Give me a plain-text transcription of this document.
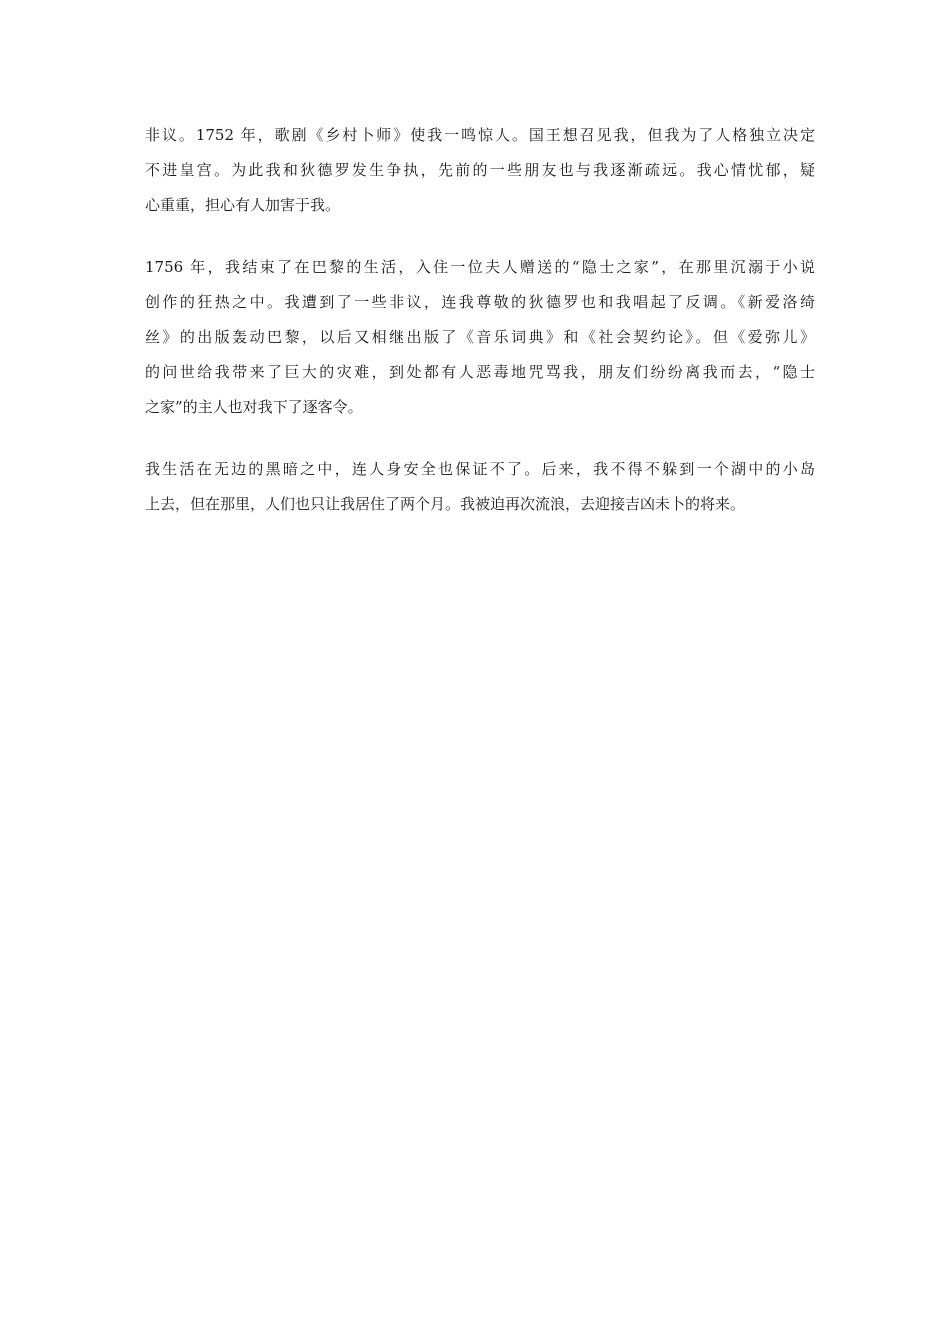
非议。1752 年，歌剧《乡村卜师》使我一鸣惊人。国王想召见我，但我为了人格独立决定
不进皇宫。为此我和狄德罗发生争执，先前的一些朋友也与我逐渐疏远。我心情忧郁，疑
心重重，担心有人加害于我。

1756 年，我结束了在巴黎的生活，入住一位夫人赠送的“隐士之家”，在那里沉溺于小说
创作的狂热之中。我遭到了一些非议，连我尊敬的狄德罗也和我唱起了反调。《新爱洛绮
丝》的出版轰动巴黎，以后又相继出版了《音乐词典》和《社会契约论》。但《爱弥儿》
的问世给我带来了巨大的灾难，到处都有人恶毒地咒骂我，朋友们纷纷离我而去，“隐士
之家”的主人也对我下了逐客令。

我生活在无边的黑暗之中，连人身安全也保证不了。后来，我不得不躲到一个湖中的小岛
上去，但在那里，人们也只让我居住了两个月。我被迫再次流浪，去迎接吉凶未卜的将来。
